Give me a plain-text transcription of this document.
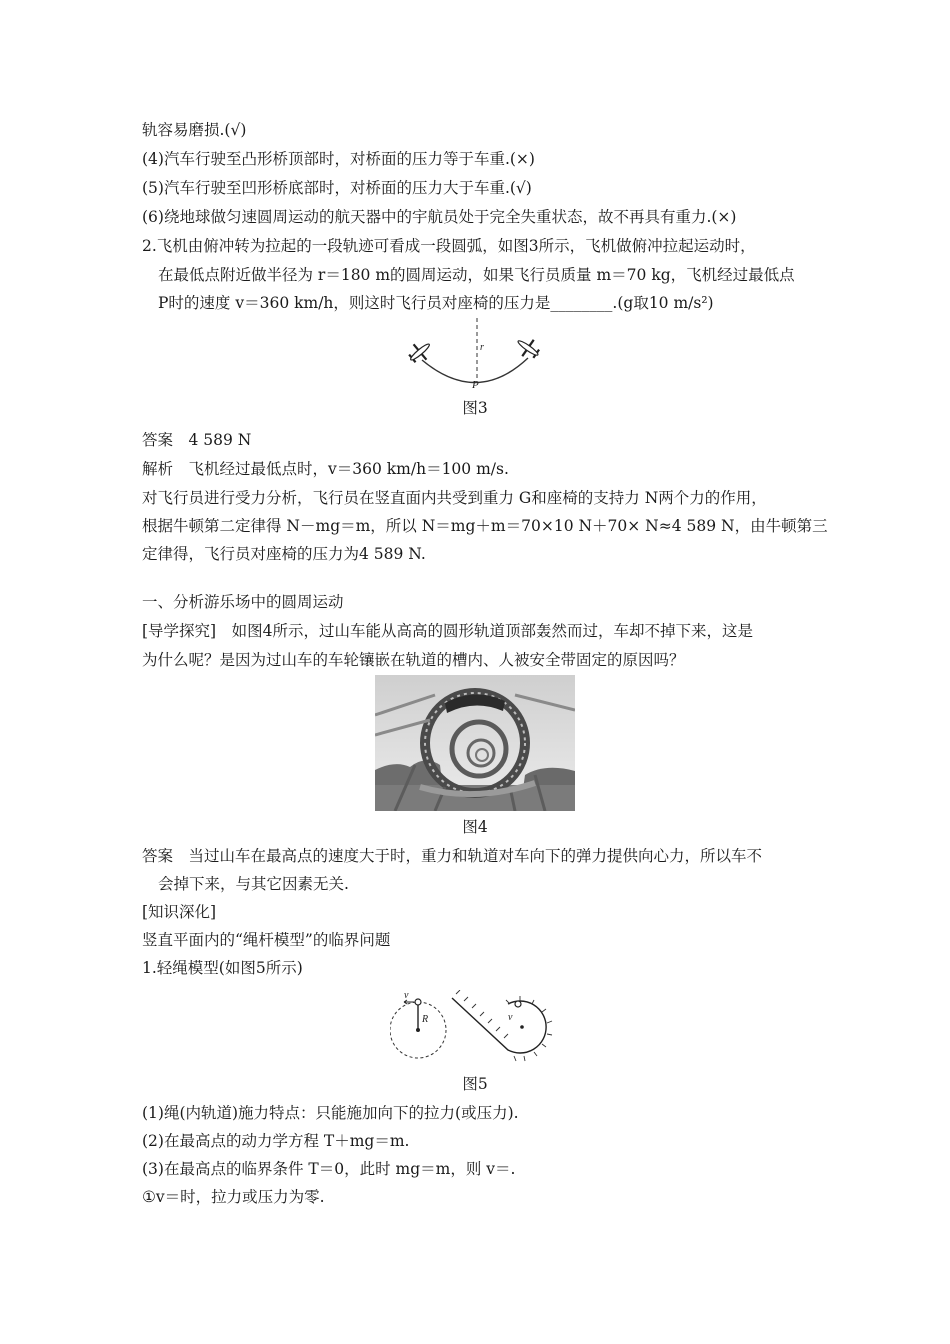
轨容易磨损.(√)
(4)汽车行驶至凸形桥顶部时，对桥面的压力等于车重.(×)
(5)汽车行驶至凹形桥底部时，对桥面的压力大于车重.(√)
(6)绕地球做匀速圆周运动的航天器中的宇航员处于完全失重状态，故不再具有重力.(×)
2.飞机由俯冲转为拉起的一段轨迹可看成一段圆弧，如图3所示，飞机做俯冲拉起运动时，
在最低点附近做半径为 r＝180 m的圆周运动，如果飞行员质量 m＝70 kg，飞机经过最低点
P时的速度 v＝360 km/h，则这时飞行员对座椅的压力是________.(g取10 m/s²)
r
P
图3
答案　4 589 N
解析　飞机经过最低点时，v＝360 km/h＝100 m/s.
对飞行员进行受力分析，飞行员在竖直面内共受到重力 G和座椅的支持力 N两个力的作用，
根据牛顿第二定律得 N－mg＝m，所以 N＝mg＋m＝70×10 N＋70× N≈4 589 N，由牛顿第三
定律得，飞行员对座椅的压力为4 589 N.
一、分析游乐场中的圆周运动
[导学探究]　如图4所示，过山车能从高高的圆形轨道顶部轰然而过，车却不掉下来，这是
为什么呢？是因为过山车的车轮镶嵌在轨道的槽内、人被安全带固定的原因吗？
图4
答案　当过山车在最高点的速度大于时，重力和轨道对车向下的弹力提供向心力，所以车不
会掉下来，与其它因素无关.
[知识深化]
竖直平面内的“绳杆模型”的临界问题
1.轻绳模型(如图5所示)
v
R	v
图5
(1)绳(内轨道)施力特点：只能施加向下的拉力(或压力).
(2)在最高点的动力学方程 T＋mg＝m.
(3)在最高点的临界条件 T＝0，此时 mg＝m，则 v＝.
①v＝时，拉力或压力为零.
